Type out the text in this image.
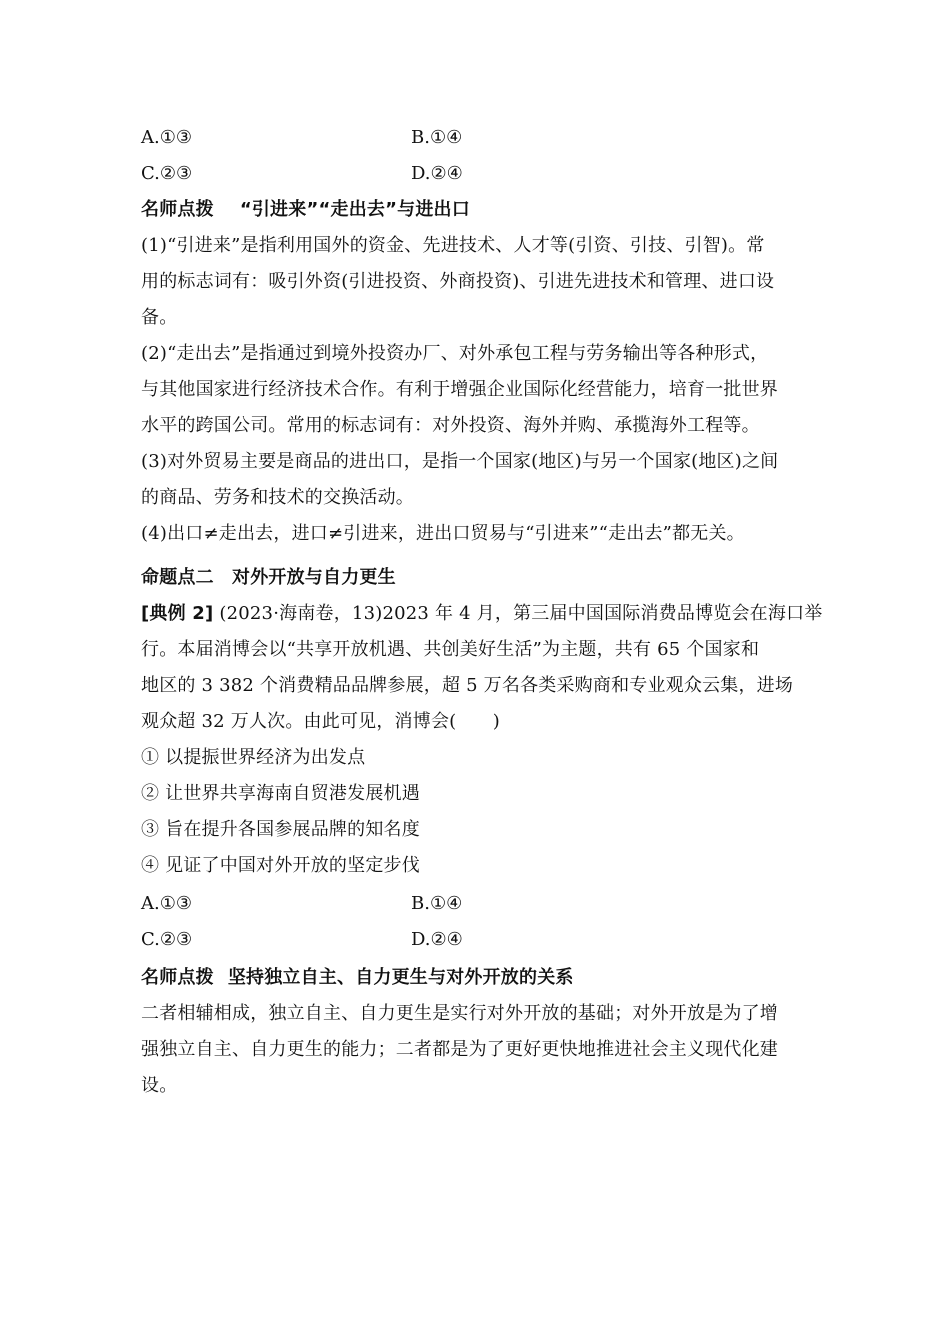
A.①③	B.①④
C.②③	D.②④
名师点拨 “引进来”“走出去”与进出口
(1)“引进来”是指利用国外的资金、先进技术、人才等(引资、引技、引智)。常
用的标志词有：吸引外资(引进投资、外商投资)、引进先进技术和管理、进口设
备。
(2)“走出去”是指通过到境外投资办厂、对外承包工程与劳务输出等各种形式，
与其他国家进行经济技术合作。有利于增强企业国际化经营能力，培育一批世界
水平的跨国公司。常用的标志词有：对外投资、海外并购、承揽海外工程等。
(3)对外贸易主要是商品的进出口，是指一个国家(地区)与另一个国家(地区)之间
的商品、劳务和技术的交换活动。
(4)出口≠走出去，进口≠引进来，进出口贸易与“引进来”“走出去”都无关。
命题点二　对外开放与自力更生
[典例 2] (2023·海南卷，13)2023 年 4 月，第三届中国国际消费品博览会在海口举
行。本届消博会以“共享开放机遇、共创美好生活”为主题，共有 65 个国家和
地区的 3 382 个消费精品品牌参展，超 5 万名各类采购商和专业观众云集，进场
观众超 32 万人次。由此可见，消博会(　　)
① 以提振世界经济为出发点
② 让世界共享海南自贸港发展机遇
③ 旨在提升各国参展品牌的知名度
④ 见证了中国对外开放的坚定步伐
A.①③	B.①④
C.②③	D.②④
名师点拨 坚持独立自主、自力更生与对外开放的关系
二者相辅相成，独立自主、自力更生是实行对外开放的基础；对外开放是为了增
强独立自主、自力更生的能力；二者都是为了更好更快地推进社会主义现代化建
设。
